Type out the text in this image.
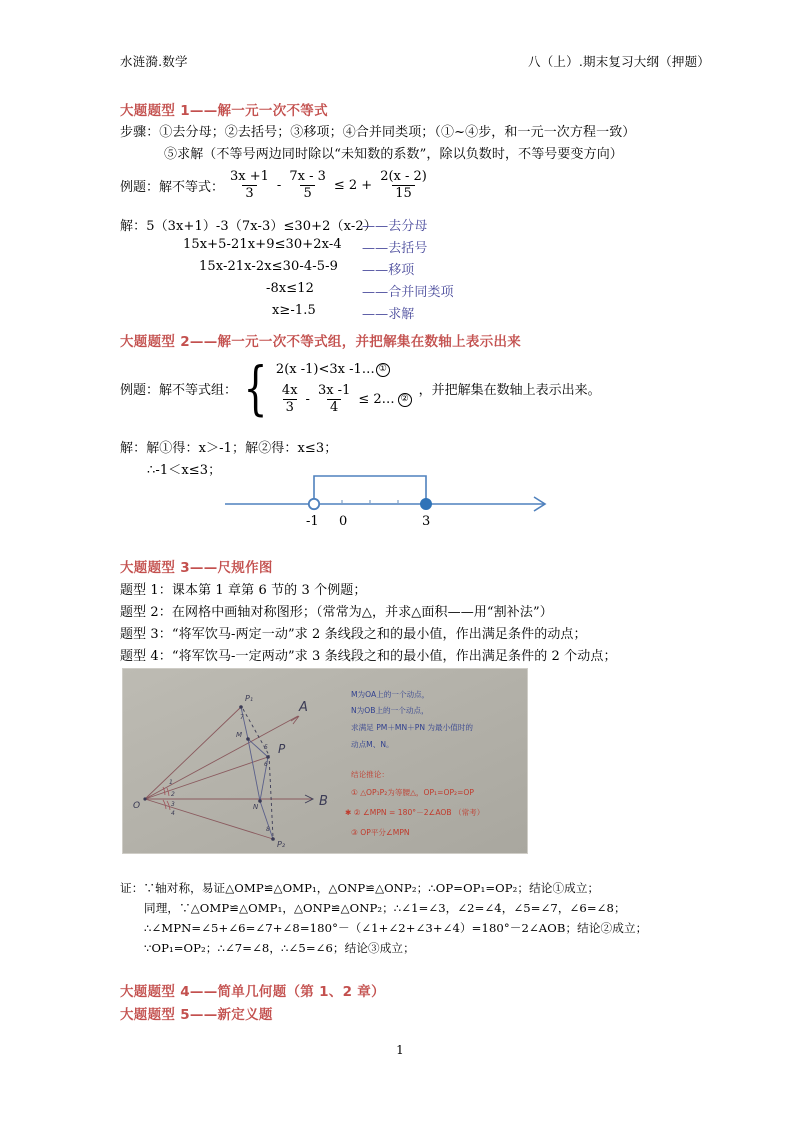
水涟漪.数学	八（上）.期末复习大纲（押题）
大题题型 1——解一元一次不等式
步骤：①去分母；②去括号；③移项；④合并同类项；（①~④步，和一元一次方程一致）
⑤求解（不等号两边同时除以“未知数的系数”，除以负数时，不等号要变方向）
例题：解不等式： $\frac{3x +1}{3} - \frac{7x - 3}{5} \le 2 + \frac{2(x - 2)}{15}$
解：5（3x+1）-3（7x-3）≤30+2（x-2）
——去分母
15x+5-21x+9≤30+2x-4 ——去括号
15x-21x-2x≤30-4-5-9 ——移项
-8x≤12	——合并同类项
x≥-1.5	——求解
大题题型 2——解一元一次不等式组，并把解集在数轴上表示出来
例题：解不等式组： { 2(x -1)<3x -1… ①
$\frac{4x}{3} - \frac{3x -1}{4}$ ≤ 2… ②
，并把解集在数轴上表示出来。
解：解①得：x＞-1；解②得：x≤3；
∴-1＜x≤3；
-1 0	3
大题题型 3——尺规作图
题型 1：课本第 1 章第 6 节的 3 个例题；
题型 2：在网格中画轴对称图形；（常常为△，并求△面积——用“割补法”）
题型 3：“将军饮马-两定一动”求 2 条线段之和的最小值，作出满足条件的动点；
题型 4：“将军饮马-一定两动”求 3 条线段之和的最小值，作出满足条件的 2 个动点；
O
A
B
P
P₁
P₂
M
N
7
5
6
8
1
2
3
4
M为OA上的一个动点，
N为OB上的一个动点，
求满足 PM＋MN＋PN 为最小值时的
动点M、N。
结论推论：
① △OP₁P₂为等腰△，OP₁=OP₂=OP
✱ ② ∠MPN = 180°－2∠AOB （常考）
③ OP平分∠MPN
证：∵轴对称，易证△OMP≌△OMP₁，△ONP≌△ONP₂；∴OP=OP₁=OP₂；结论①成立；
同理，∵△OMP≌△OMP₁，△ONP≌△ONP₂；∴∠1=∠3，∠2=∠4，∠5=∠7，∠6=∠8；
∴∠MPN=∠5+∠6=∠7+∠8=180°－（∠1+∠2+∠3+∠4）=180°－2∠AOB；结论②成立；
∵OP₁=OP₂；∴∠7=∠8，∴∠5=∠6；结论③成立；
大题题型 4——简单几何题（第 1、2 章）
大题题型 5——新定义题
1
